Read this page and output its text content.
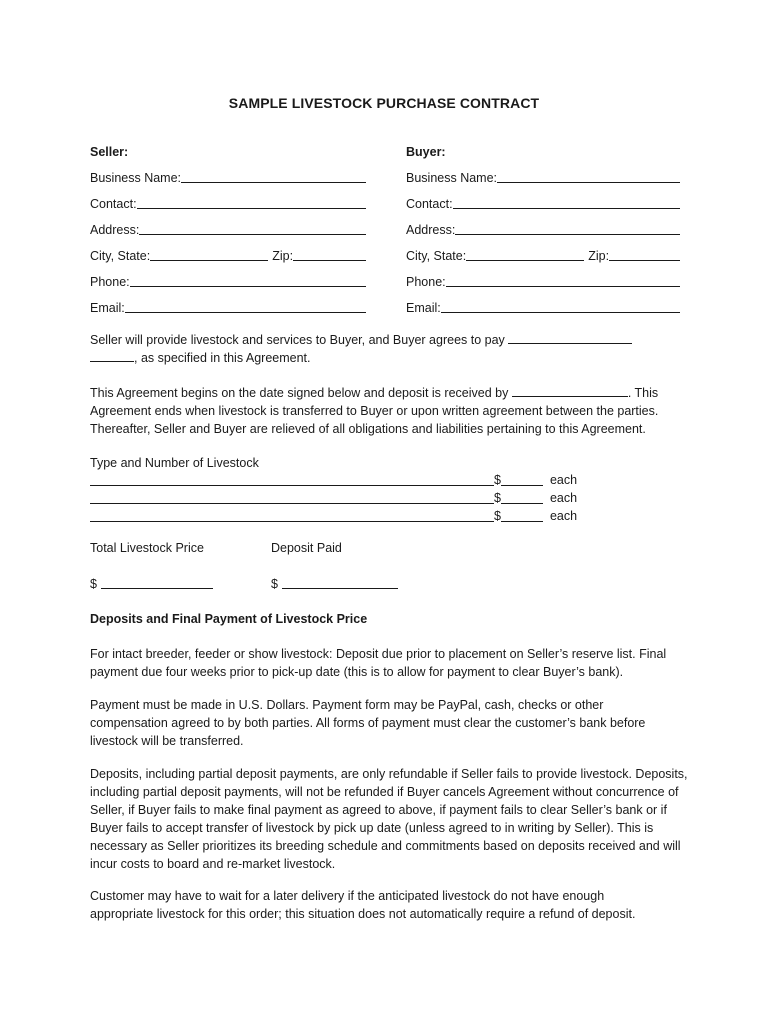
SAMPLE LIVESTOCK PURCHASE CONTRACT
Seller:
Business Name:
Contact:
Address:
City, State:	Zip:
Phone:
Email:
Buyer:
Business Name:
Contact:
Address:
City, State:	Zip:
Phone:
Email:
Seller will provide livestock and services to Buyer, and Buyer agrees to pay
, as specified in this Agreement.
This Agreement begins on the date signed below and deposit is received by	. This Agreement ends when livestock is transferred to Buyer or upon written agreement between the parties. Thereafter, Seller and Buyer are relieved of all obligations and liabilities pertaining to this Agreement.
Type and Number of Livestock
$	each
$	each
$	each
Total Livestock Price	Deposit Paid
$	$
Deposits and Final Payment of Livestock Price
For intact breeder, feeder or show livestock: Deposit due prior to placement on Seller’s reserve list. Final payment due four weeks prior to pick-up date (this is to allow for payment to clear Buyer’s bank).
Payment must be made in U.S. Dollars. Payment form may be PayPal, cash, checks or other compensation agreed to by both parties. All forms of payment must clear the customer’s bank before livestock will be transferred.
Deposits, including partial deposit payments, are only refundable if Seller fails to provide livestock. Deposits, including partial deposit payments, will not be refunded if Buyer cancels Agreement without concurrence of Seller, if Buyer fails to make final payment as agreed to above, if payment fails to clear Seller’s bank or if Buyer fails to accept transfer of livestock by pick up date (unless agreed to in writing by Seller). This is necessary as Seller prioritizes its breeding schedule and commitments based on deposits received and will incur costs to board and re-market livestock.
Customer may have to wait for a later delivery if the anticipated livestock do not have enough appropriate livestock for this order; this situation does not automatically require a refund of deposit.
